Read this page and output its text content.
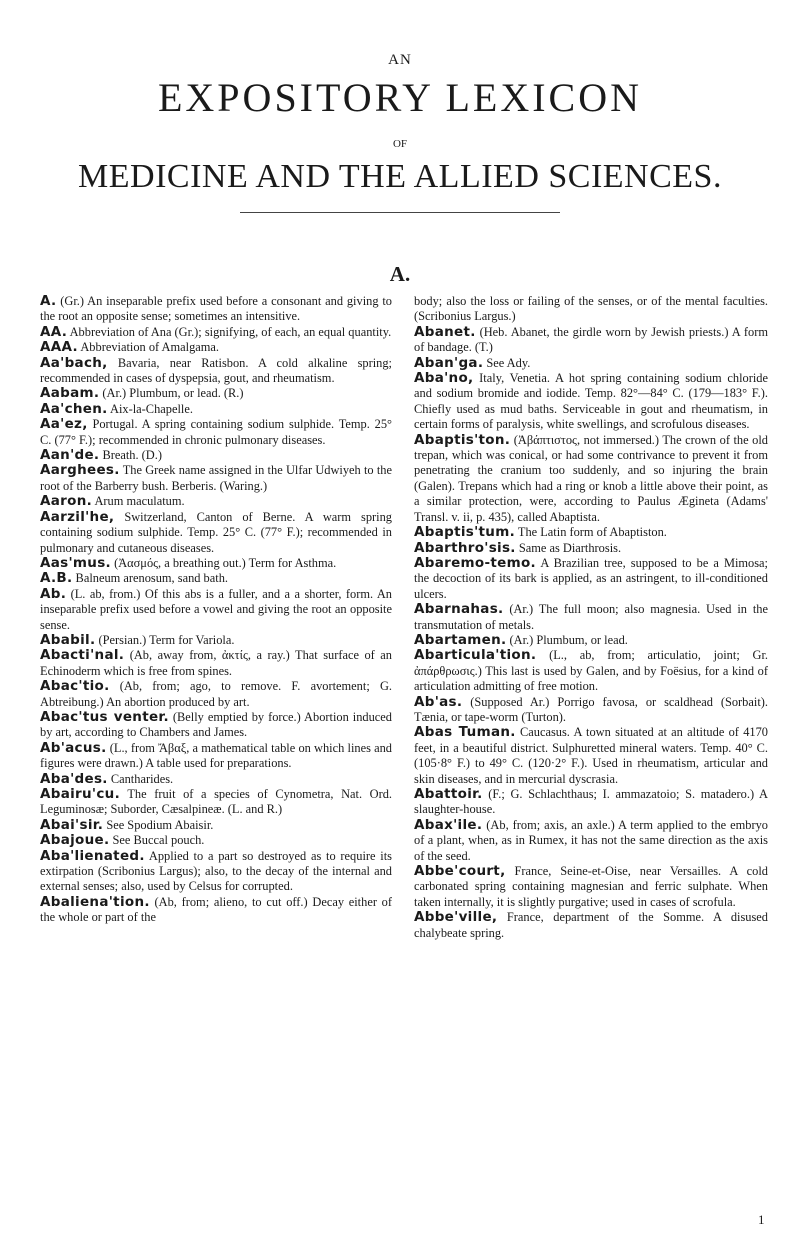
AN
EXPOSITORY LEXICON
OF
MEDICINE AND THE ALLIED SCIENCES.
A.

A. (Gr.) An inseparable prefix used before a consonant and giving to the root an opposite sense; sometimes an intensitive.

AA. Abbreviation of Ana (Gr.); signifying, of each, an equal quantity.

AAA. Abbreviation of Amalgama.

Aa'bach, Bavaria, near Ratisbon. A cold alkaline spring; recommended in cases of dyspepsia, gout, and rheumatism.

Aabam. (Ar.) Plumbum, or lead. (R.)

Aa'chen. Aix-la-Chapelle.

Aa'ez, Portugal. A spring containing sodium sulphide. Temp. 25° C. (77° F.); recommended in chronic pulmonary diseases.

Aan'de. Breath. (D.)

Aarghees. The Greek name assigned in the Ulfar Udwiyeh to the root of the Barberry bush. Berberis. (Waring.)

Aaron. Arum maculatum.

Aarzil'he, Switzerland, Canton of Berne. A warm spring containing sodium sulphide. Temp. 25° C. (77° F.); recommended in pulmonary and cutaneous diseases.

Aas'mus. (Ἀασμός, a breathing out.) Term for Asthma.

A.B. Balneum arenosum, sand bath.

Ab. (L. ab, from.) Of this abs is a fuller, and a a shorter, form. An inseparable prefix used before a vowel and giving the root an opposite sense.

Ababil. (Persian.) Term for Variola.

Abacti'nal. (Ab, away from, ἀκτίς, a ray.) That surface of an Echinoderm which is free from spines.

Abac'tio. (Ab, from; ago, to remove. F. avortement; G. Abtreibung.) An abortion produced by art.

Abac'tus venter. (Belly emptied by force.) Abortion induced by art, according to Chambers and James.

Ab'acus. (L., from Ἄβαξ, a mathematical table on which lines and figures were drawn.) A table used for preparations.

Aba'des. Cantharides.

Abairu'cu. The fruit of a species of Cynometra, Nat. Ord. Leguminosæ; Suborder, Cæsalpineæ. (L. and R.)

Abai'sir. See Spodium Abaisir.

Abajoue. See Buccal pouch.

Aba'lienated. Applied to a part so destroyed as to require its extirpation (Scribonius Largus); also, to the decay of the internal and external senses; also, used by Celsus for corrupted.

Abaliena'tion. (Ab, from; alieno, to cut off.) Decay either of the whole or part of the

body; also the loss or failing of the senses, or of the mental faculties. (Scribonius Largus.)

Abanet. (Heb. Abanet, the girdle worn by Jewish priests.) A form of bandage. (T.)

Aban'ga. See Ady.

Aba'no, Italy, Venetia. A hot spring containing sodium chloride and sodium bromide and iodide. Temp. 82°—84° C. (179—183° F.). Chiefly used as mud baths. Serviceable in gout and rheumatism, in certain forms of paralysis, white swellings, and scrofulous diseases.

Abaptis'ton. (Ἀβάπτιστος, not immersed.) The crown of the old trepan, which was conical, or had some contrivance to prevent it from penetrating the cranium too suddenly, and so injuring the brain (Galen). Trepans which had a ring or knob a little above their point, as a similar protection, were, according to Paulus Ægineta (Adams' Transl. v. ii, p. 435), called Abaptista.

Abaptis'tum. The Latin form of Abaptiston.

Abarthro'sis. Same as Diarthrosis.

Abaremo-temo. A Brazilian tree, supposed to be a Mimosa; the decoction of its bark is applied, as an astringent, to ill-conditioned ulcers.

Abarnahas. (Ar.) The full moon; also magnesia. Used in the transmutation of metals.

Abartamen. (Ar.) Plumbum, or lead.

Abarticula'tion. (L., ab, from; articulatio, joint; Gr. ἀπάρθρωσις.) This last is used by Galen, and by Foësius, for a kind of articulation admitting of free motion.

Ab'as. (Supposed Ar.) Porrigo favosa, or scaldhead (Sorbait). Tænia, or tape-worm (Turton).

Abas Tuman. Caucasus. A town situated at an altitude of 4170 feet, in a beautiful district. Sulphuretted mineral waters. Temp. 40° C. (105·8° F.) to 49° C. (120·2° F.). Used in rheumatism, articular and skin diseases, and in mercurial dyscrasia.

Abattoir. (F.; G. Schlachthaus; I. ammazatoio; S. matadero.) A slaughter-house.

Abax'ile. (Ab, from; axis, an axle.) A term applied to the embryo of a plant, when, as in Rumex, it has not the same direction as the axis of the seed.

Abbe'court, France, Seine-et-Oise, near Versailles. A cold carbonated spring containing magnesian and ferric sulphate. When taken internally, it is slightly purgative; used in cases of scrofula.

Abbe'ville, France, department of the Somme. A disused chalybeate spring.

1
